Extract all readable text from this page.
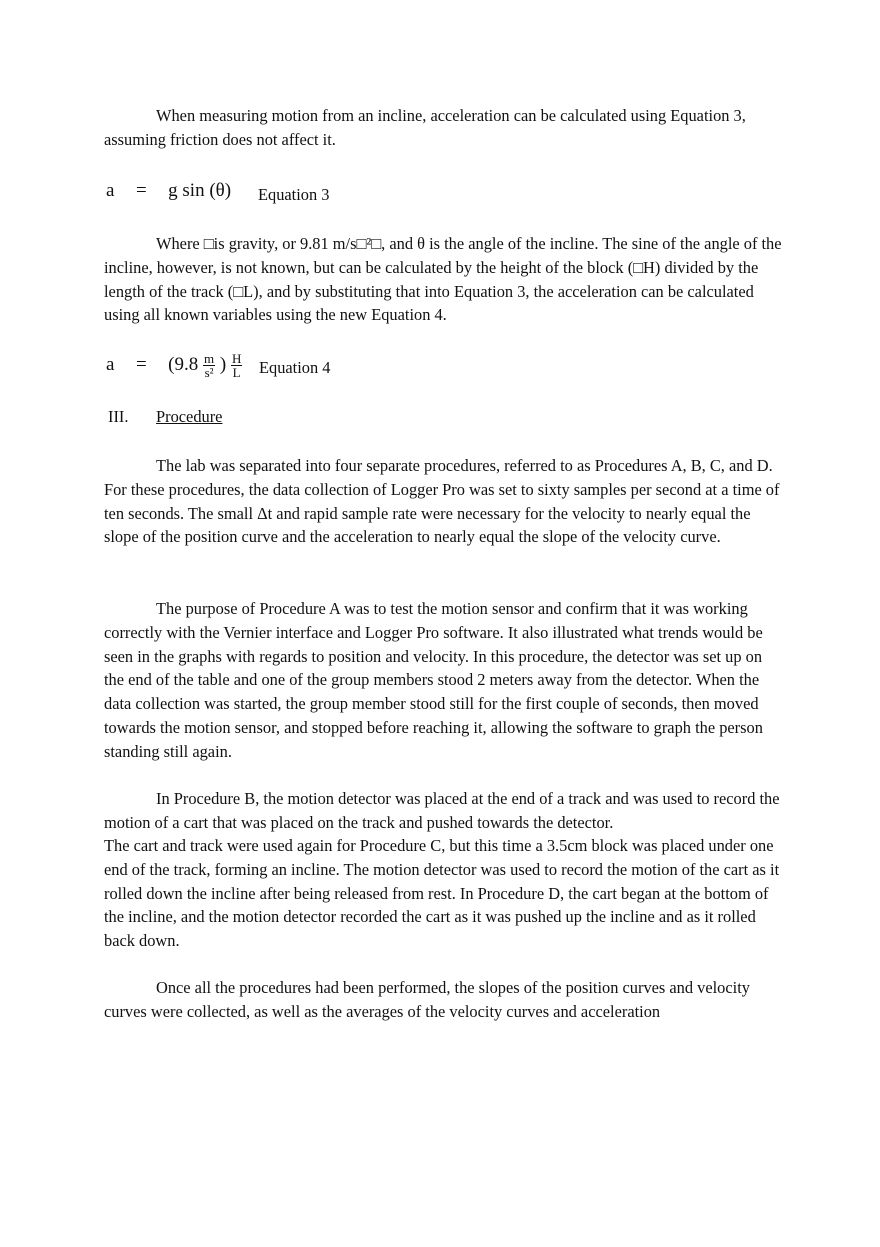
When measuring motion from an incline, acceleration can be calculated using Equation 3, assuming friction does not affect it.

a = g sin (θ) Equation 3

Where □is gravity, or 9.81 m/s□²□, and θ is the angle of the incline. The sine of the angle of the incline, however, is not known, but can be calculated by the height of the block (□H) divided by the length of the track (□L), and by substituting that into Equation 3, the acceleration can be calculated using all known variables using the new Equation 4.

$a = (9.8 \frac{m}{\text{s²}}$ ) $\frac{H}{L}$ Equation 4
III. Procedure

The lab was separated into four separate procedures, referred to as Procedures A, B, C, and D. For these procedures, the data collection of Logger Pro was set to sixty samples per second at a time of ten seconds. The small Δt and rapid sample rate were necessary for the velocity to nearly equal the slope of the position curve and the acceleration to nearly equal the slope of the velocity curve.

The purpose of Procedure A was to test the motion sensor and confirm that it was working correctly with the Vernier interface and Logger Pro software. It also illustrated what trends would be seen in the graphs with regards to position and velocity. In this procedure, the detector was set up on the end of the table and one of the group members stood 2 meters away from the detector. When the data collection was started, the group member stood still for the first couple of seconds, then moved towards the motion sensor, and stopped before reaching it, allowing the software to graph the person standing still again.

In Procedure B, the motion detector was placed at the end of a track and was used to record the motion of a cart that was placed on the track and pushed towards the detector.

The cart and track were used again for Procedure C, but this time a 3.5cm block was placed under one end of the track, forming an incline. The motion detector was used to record the motion of the cart as it rolled down the incline after being released from rest. In Procedure D, the cart began at the bottom of the incline, and the motion detector recorded the cart as it was pushed up the incline and as it rolled back down.

Once all the procedures had been performed, the slopes of the position curves and velocity curves were collected, as well as the averages of the velocity curves and acceleration
